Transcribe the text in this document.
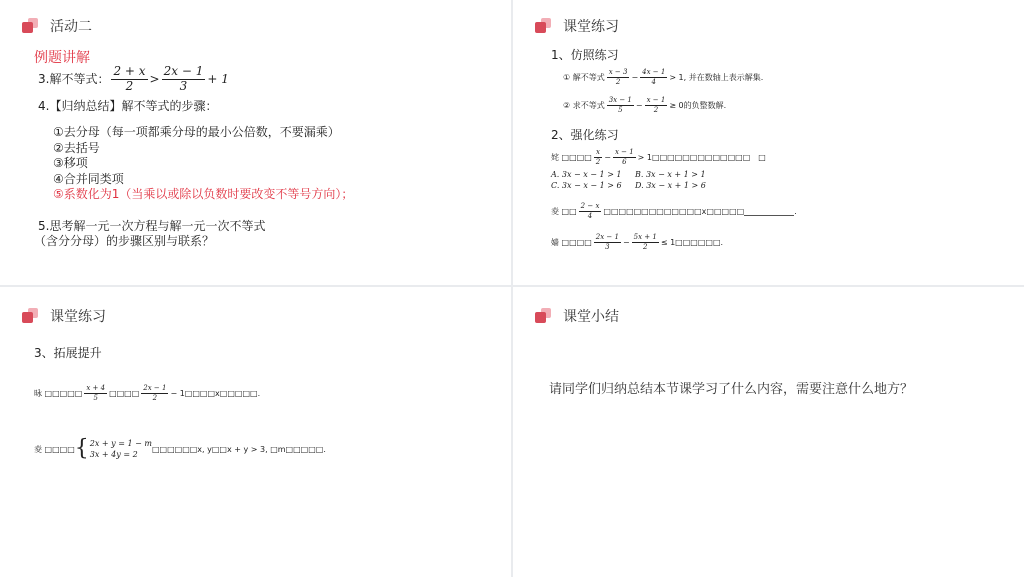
活动二
例题讲解
3.解不等式： $\frac{2 + x}{2} > \frac{2x - 1}{3} + 1$
4.【归纳总结】解不等式的步骤：
①去分母（每一项都乘分母的最小公倍数，不要漏乘）
②去括号
③移项
④合并同类项
⑤系数化为1（当乘以或除以负数时要改变不等号方向）；
5.思考解一元一次方程与解一元一次不等式
（含分分母）的步骤区别与联系？
课堂练习
1、仿照练习
① 解不等式 $\frac{x - 3}{2} - \frac{4x - 1}{4} > 1$, 并在数轴上表示解集.
② 求不等式 $\frac{3x - 1}{5} - \frac{x - 1}{2} \ge 0$的负整数解.
2、强化练习
姹 □□□□ $\frac{x}{2} - \frac{x - 1}{6}$ > 1□□□□□□□□□□□□□　□
A. 3x − x − 1 > 1 B. 3x − x + 1 > 1
C. 3x − x − 1 > 6 D. 3x − x + 1 > 6
夌 □□ $\frac{2 - x}{4}$ □□□□□□□□□□□□□x□□□□□	.
嫱 □□□□ $\frac{2x - 1}{3} - \frac{5x + 1}{2}$ ≤ 1□□□□□□.
课堂练习
3、拓展提升
昹 □□□□□ $\frac{x + 4}{5}$ □□□□ $\frac{2x - 1}{2}$ − 1□□□□x□□□□□.
夌 □□□□ { 2x + y = 1 − m
3x + 4y = 2
□□□□□□x, y□□x + y > 3, □m□□□□□.
课堂小结
请同学们归纳总结本节课学习了什么内容，需要注意什么地方？
